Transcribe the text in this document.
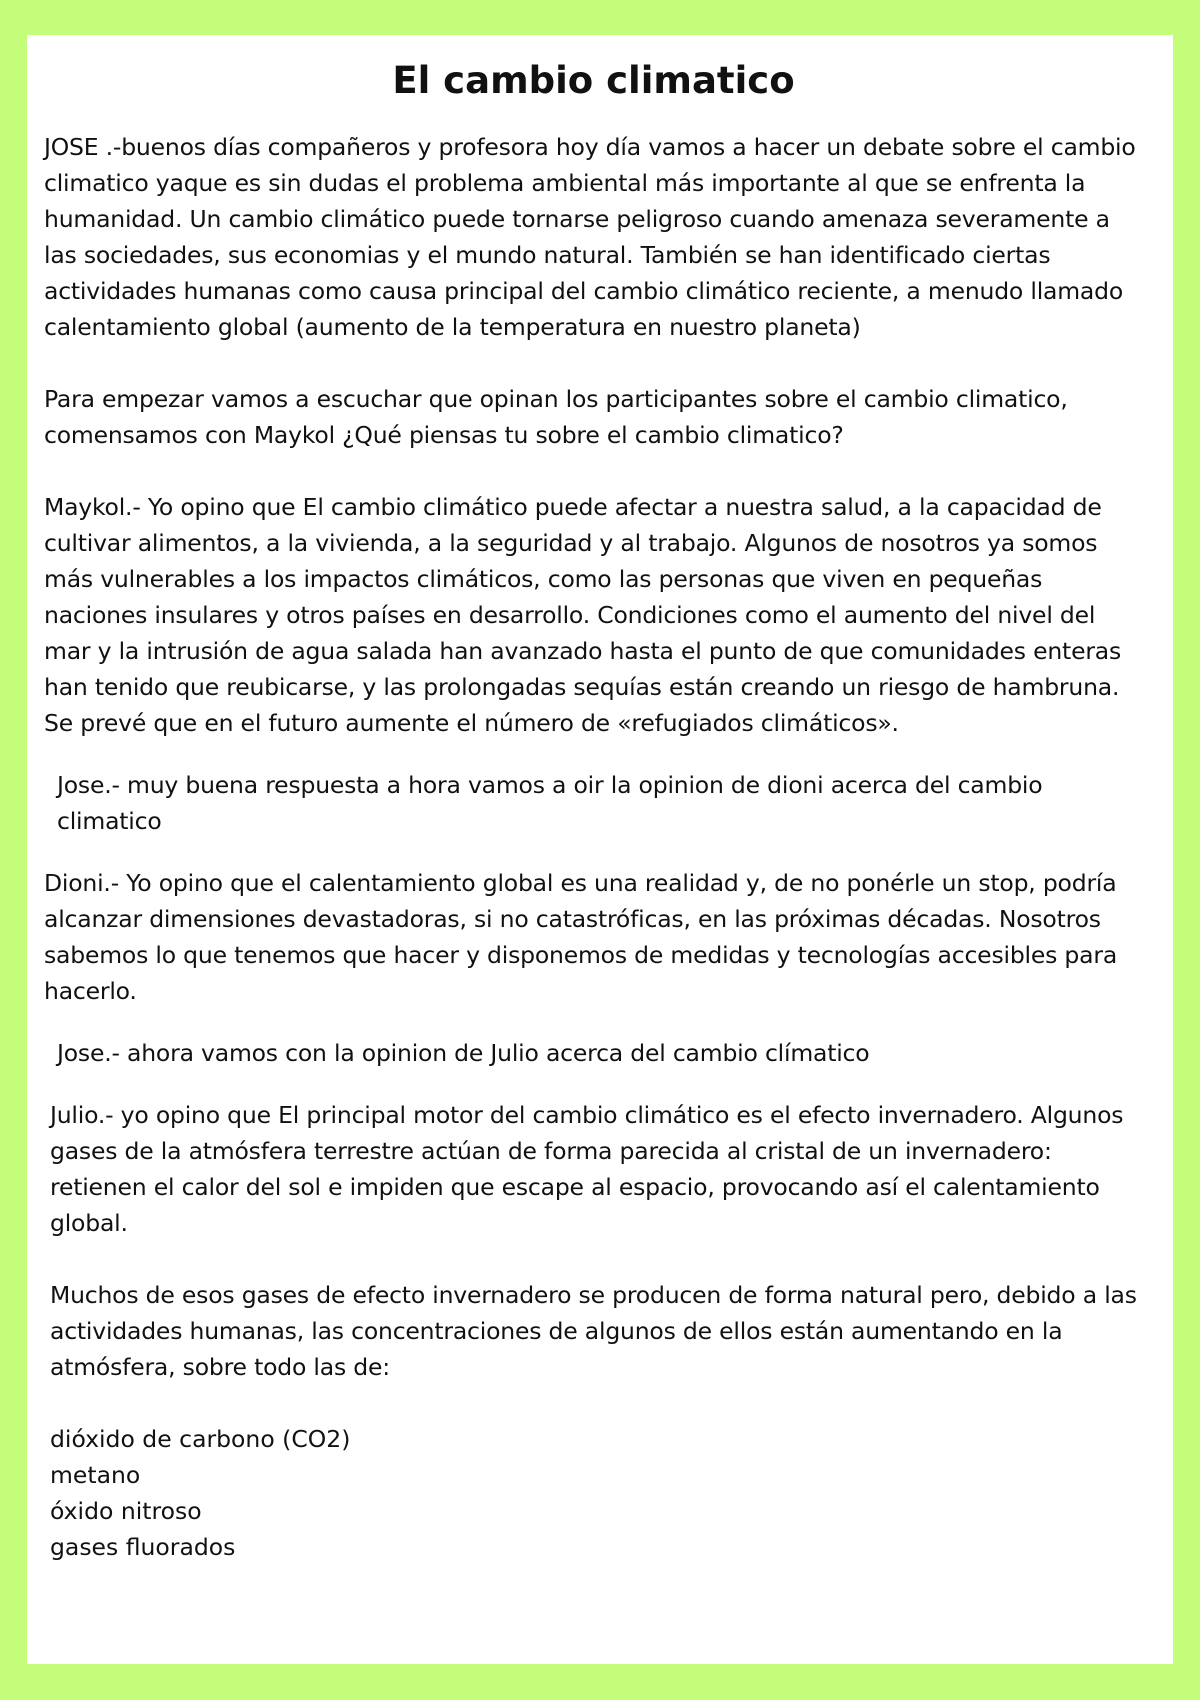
El cambio climatico

JOSE .-buenos días compañeros y profesora hoy día vamos a hacer un debate sobre el cambio climatico yaque es sin dudas el problema ambiental más importante al que se enfrenta la humanidad. Un cambio climático puede tornarse peligroso cuando amenaza severamente a las sociedades, sus economias y el mundo natural. También se han identificado ciertas actividades humanas como causa principal del cambio climático reciente, a menudo llamado calentamiento global (aumento de la temperatura en nuestro planeta)

Para empezar vamos a escuchar que opinan los participantes sobre el cambio climatico, comensamos con Maykol ¿Qué piensas tu sobre el cambio climatico?

Maykol.- Yo opino que El cambio climático puede afectar a nuestra salud, a la capacidad de cultivar alimentos, a la vivienda, a la seguridad y al trabajo. Algunos de nosotros ya somos más vulnerables a los impactos climáticos, como las personas que viven en pequeñas naciones insulares y otros países en desarrollo. Condiciones como el aumento del nivel del mar y la intrusión de agua salada han avanzado hasta el punto de que comunidades enteras han tenido que reubicarse, y las prolongadas sequías están creando un riesgo de hambruna. Se prevé que en el futuro aumente el número de «refugiados climáticos».

Jose.- muy buena respuesta a hora vamos a oir la opinion de dioni acerca del cambio climatico

Dioni.- Yo opino que el calentamiento global es una realidad y, de no ponérle un stop, podría alcanzar dimensiones devastadoras, si no catastróficas, en las próximas décadas. Nosotros sabemos lo que tenemos que hacer y disponemos de medidas y tecnologías accesibles para hacerlo.

Jose.- ahora vamos con la opinion de Julio acerca del cambio clímatico

Julio.- yo opino que El principal motor del cambio climático es el efecto invernadero. Algunos gases de la atmósfera terrestre actúan de forma parecida al cristal de un invernadero: retienen el calor del sol e impiden que escape al espacio, provocando así el calentamiento global.

Muchos de esos gases de efecto invernadero se producen de forma natural pero, debido a las actividades humanas, las concentraciones de algunos de ellos están aumentando en la atmósfera, sobre todo las de:

dióxido de carbono (CO2)
metano
óxido nitroso
gases fluorados
